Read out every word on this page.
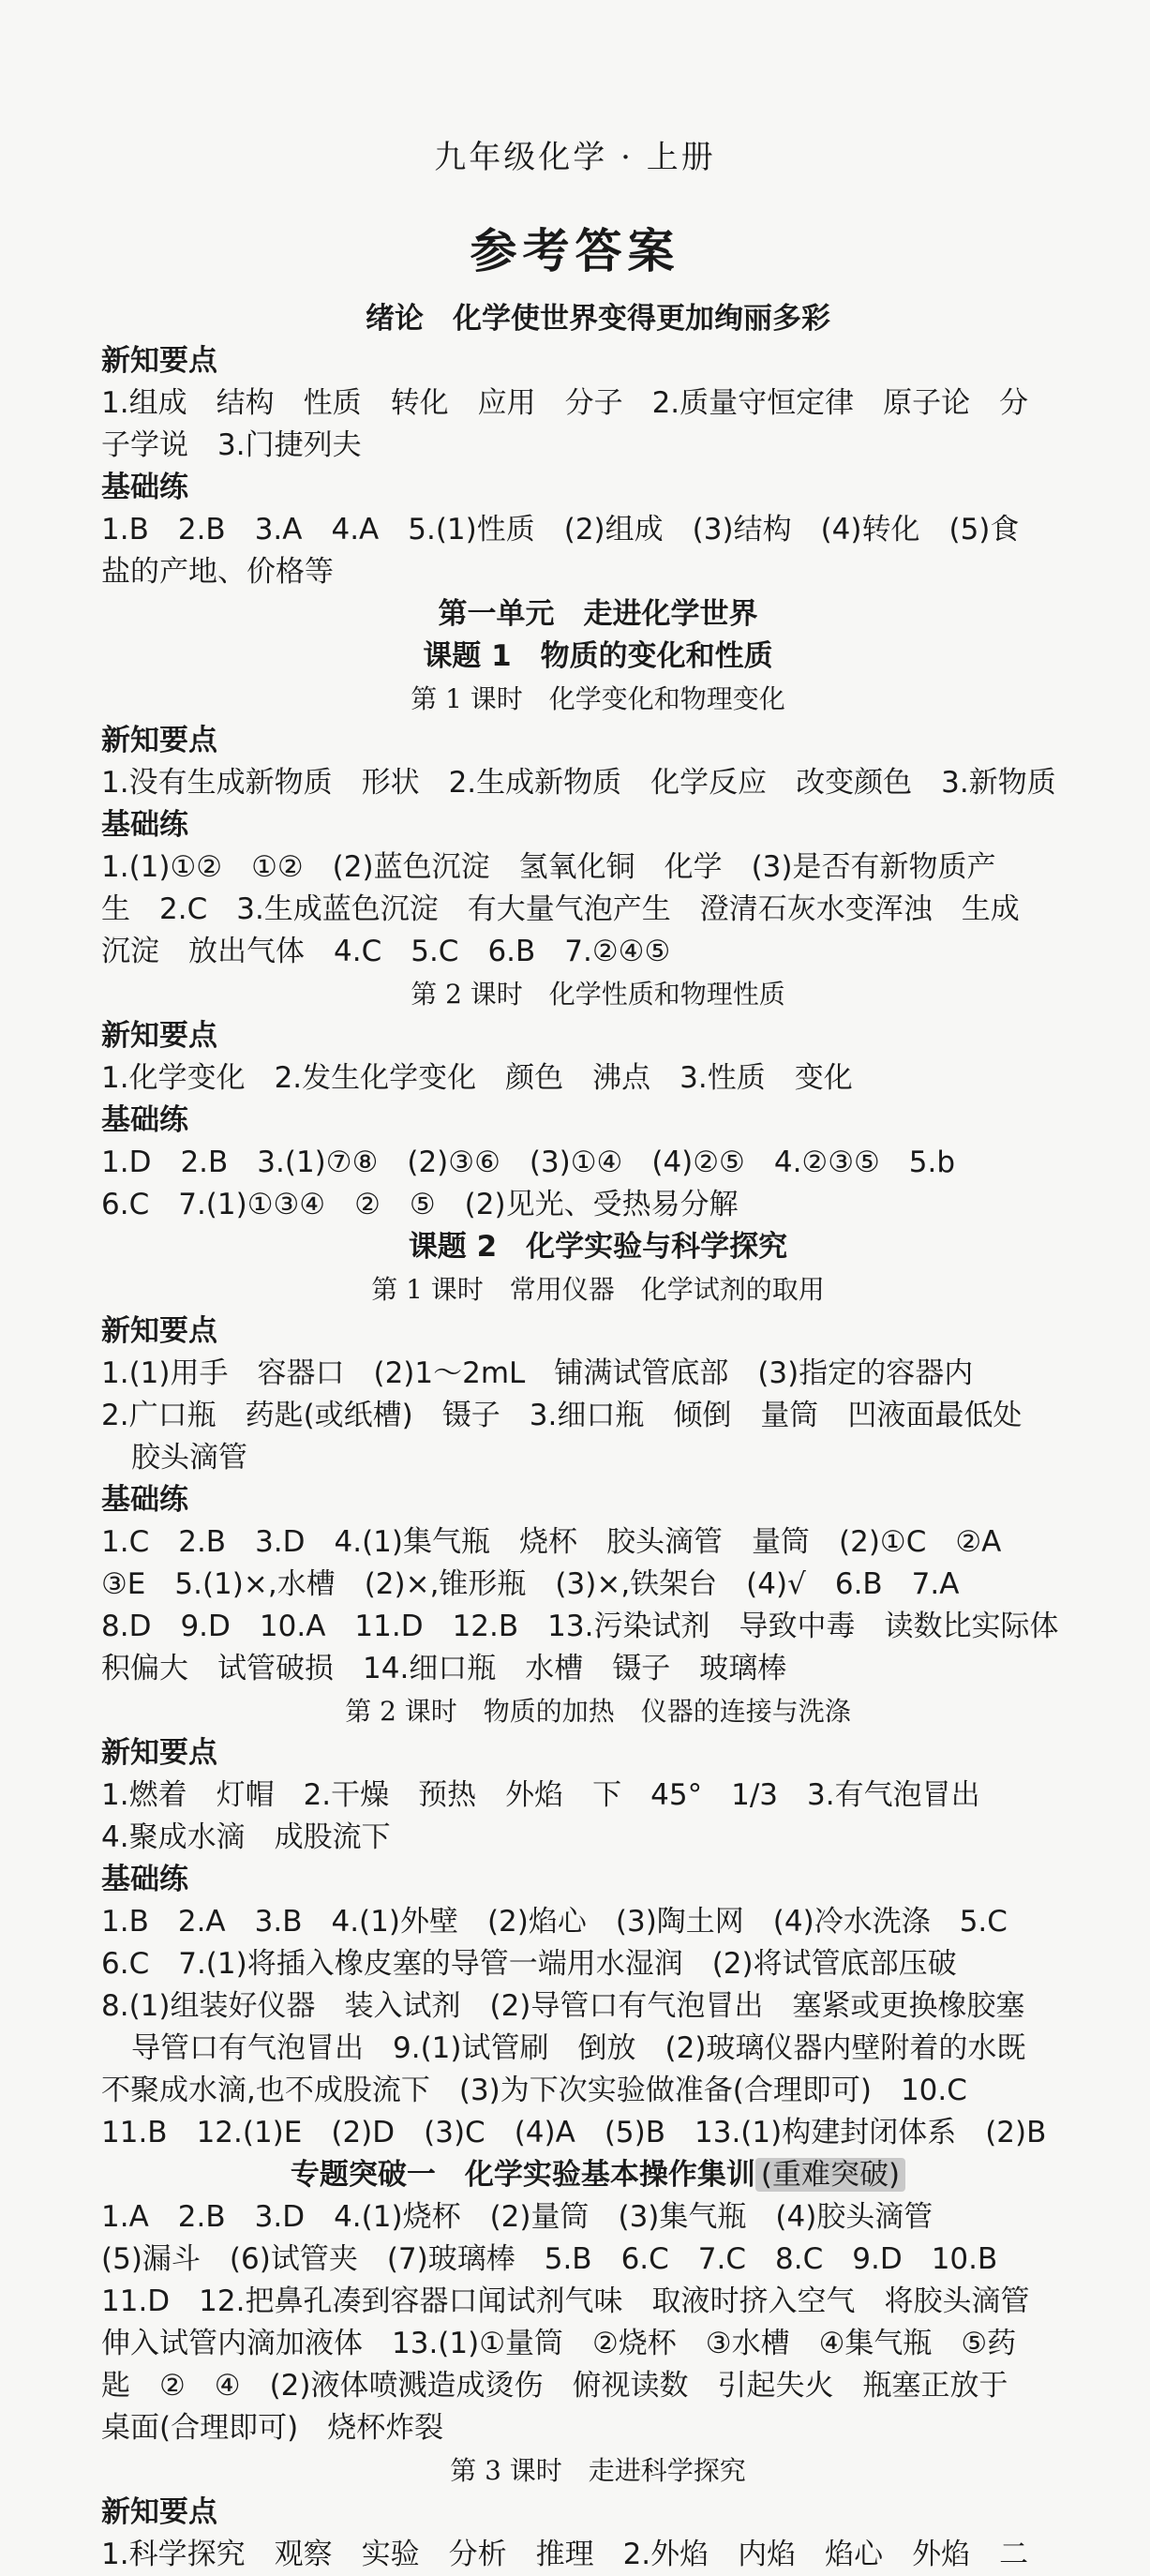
九年级化学 · 上册
参考答案
绪论　化学使世界变得更加绚丽多彩
新知要点
1.组成　结构　性质　转化　应用　分子　2.质量守恒定律　原子论　分
子学说　3.门捷列夫
基础练
1.B　2.B　3.A　4.A　5.(1)性质　(2)组成　(3)结构　(4)转化　(5)食
盐的产地、价格等
第一单元　走进化学世界
课题 1　物质的变化和性质
第 1 课时　化学变化和物理变化
新知要点
1.没有生成新物质　形状　2.生成新物质　化学反应　改变颜色　3.新物质
基础练
1.(1)①②　①②　(2)蓝色沉淀　氢氧化铜　化学　(3)是否有新物质产
生　2.C　3.生成蓝色沉淀　有大量气泡产生　澄清石灰水变浑浊　生成
沉淀　放出气体　4.C　5.C　6.B　7.②④⑤
第 2 课时　化学性质和物理性质
新知要点
1.化学变化　2.发生化学变化　颜色　沸点　3.性质　变化
基础练
1.D　2.B　3.(1)⑦⑧　(2)③⑥　(3)①④　(4)②⑤　4.②③⑤　5.b
6.C　7.(1)①③④　②　⑤　(2)见光、受热易分解
课题 2　化学实验与科学探究
第 1 课时　常用仪器　化学试剂的取用
新知要点
1.(1)用手　容器口　(2)1～2mL　铺满试管底部　(3)指定的容器内
2.广口瓶　药匙(或纸槽)　镊子　3.细口瓶　倾倒　量筒　凹液面最低处
胶头滴管
基础练
1.C　2.B　3.D　4.(1)集气瓶　烧杯　胶头滴管　量筒　(2)①C　②A
③E　5.(1)×,水槽　(2)×,锥形瓶　(3)×,铁架台　(4)√　6.B　7.A
8.D　9.D　10.A　11.D　12.B　13.污染试剂　导致中毒　读数比实际体
积偏大　试管破损　14.细口瓶　水槽　镊子　玻璃棒
第 2 课时　物质的加热　仪器的连接与洗涤
新知要点
1.燃着　灯帽　2.干燥　预热　外焰　下　45°　1/3　3.有气泡冒出
4.聚成水滴　成股流下
基础练
1.B　2.A　3.B　4.(1)外壁　(2)焰心　(3)陶土网　(4)冷水洗涤　5.C
6.C　7.(1)将插入橡皮塞的导管一端用水湿润　(2)将试管底部压破
8.(1)组装好仪器　装入试剂　(2)导管口有气泡冒出　塞紧或更换橡胶塞
导管口有气泡冒出　9.(1)试管刷　倒放　(2)玻璃仪器内壁附着的水既
不聚成水滴,也不成股流下　(3)为下次实验做准备(合理即可)　10.C
11.B　12.(1)E　(2)D　(3)C　(4)A　(5)B　13.(1)构建封闭体系　(2)B
专题突破一　化学实验基本操作集训 (重难突破)
1.A　2.B　3.D　4.(1)烧杯　(2)量筒　(3)集气瓶　(4)胶头滴管
(5)漏斗　(6)试管夹　(7)玻璃棒　5.B　6.C　7.C　8.C　9.D　10.B
11.D　12.把鼻孔凑到容器口闻试剂气味　取液时挤入空气　将胶头滴管
伸入试管内滴加液体　13.(1)①量筒　②烧杯　③水槽　④集气瓶　⑤药
匙　②　④　(2)液体喷溅造成烫伤　俯视读数　引起失火　瓶塞正放于
桌面(合理即可)　烧杯炸裂
第 3 课时　走进科学探究
新知要点
1.科学探究　观察　实验　分析　推理　2.外焰　内焰　焰心　外焰　二
